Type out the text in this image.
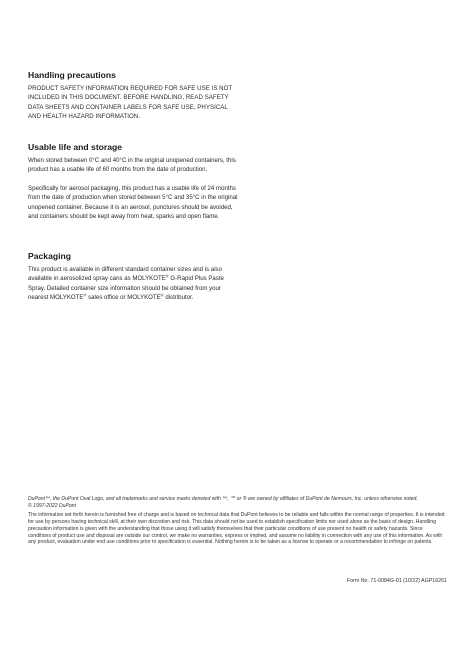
Handling precautions

PRODUCT SAFETY INFORMATION REQUIRED FOR SAFE USE IS NOT INCLUDED IN THIS DOCUMENT. BEFORE HANDLING, READ SAFETY DATA SHEETS AND CONTAINER LABELS FOR SAFE USE, PHYSICAL AND HEALTH HAZARD INFORMATION.

Usable life and storage

When stored between 0°C and 40°C in the original unopened containers, this product has a usable life of 60 months from the date of production.

Specifically for aerosol packaging, this product has a usable life of 24 months from the date of production when stored between 5°C and 35°C in the original unopened container. Because it is an aerosol, punctures should be avoided, and containers should be kept away from heat, sparks and open flame.

Packaging

This product is available in different standard container sizes and is also available in aerosolized spray cans as MOLYKOTE® G-Rapid Plus Paste Spray. Detailed container size information should be obtained from your nearest MOLYKOTE® sales office or MOLYKOTE® distributor.

DuPont™, the DuPont Oval Logo, and all trademarks and service marks denoted with ™, ℠ or ® are owned by affiliates of DuPont de Nemours, Inc. unless otherwise noted.

© 1997-2022 DuPont

The information set forth herein is furnished free of charge and is based on technical data that DuPont believes to be reliable and falls within the normal range of properties. It is intended for use by persons having technical skill, at their own discretion and risk. This data should not be used to establish specification limits nor used alone as the basis of design. Handling precaution information is given with the understanding that those using it will satisfy themselves that their particular conditions of use present no health or safety hazards. Since conditions of product use and disposal are outside our control, we make no warranties, express or implied, and assume no liability in connection with any use of this information. As with any product, evaluation under end use conditions prior to specification is essential. Nothing herein is to be taken as a license to operate or a recommendation to infringe on patents.

Form No. 71-0084G-01 (10/22) AGP16261
